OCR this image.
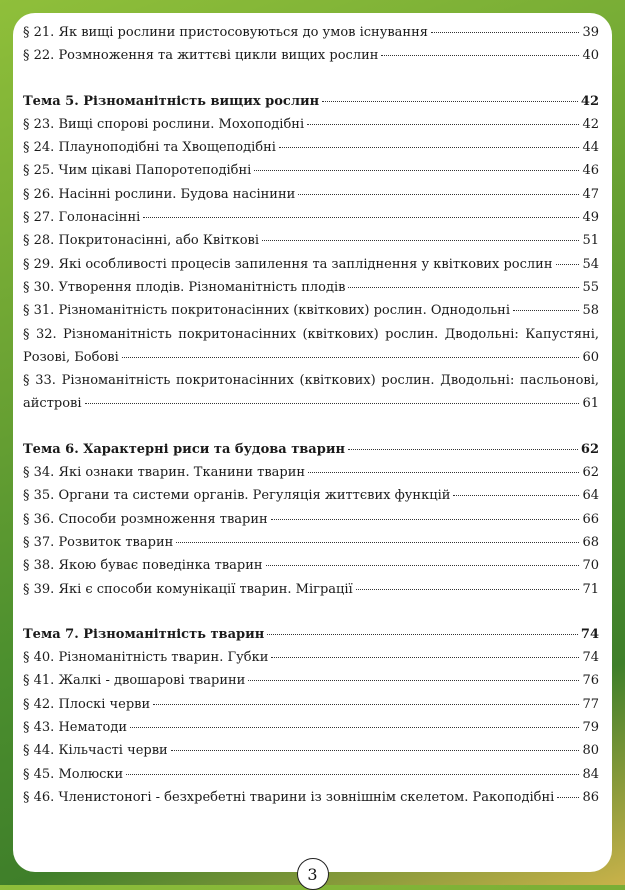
§ 21. Як вищі рослини пристосовуються до умов існування	39
§ 22. Розмноження та життєві цикли вищих рослин	40
Тема 5. Різноманітність вищих рослин	42
§ 23. Вищі спорові рослини. Мохоподібні	42
§ 24. Плауноподібні та Хвощеподібні	44
§ 25. Чим цікаві Папоротеподібні	46
§ 26. Насінні рослини. Будова насінини	47
§ 27. Голонасінні	49
§ 28. Покритонасінні, або Квіткові	51
§ 29. Які особливості процесів запилення та запліднення у квіткових рослин 54
§ 30. Утворення плодів. Різноманітність плодів	55
§ 31. Різноманітність покритонасінних (квіткових) рослин. Однодольні	58
§ 32. Різноманітність покритонасінних (квіткових) рослин. Дводольні: Капустяні,
Розові, Бобові	60
§ 33. Різноманітність покритонасінних (квіткових) рослин. Дводольні: пасльонові,
айстрові	61
Тема 6. Характерні риси та будова тварин	62
§ 34. Які ознаки тварин. Тканини тварин	62
§ 35. Органи та системи органів. Регуляція життєвих функцій	64
§ 36. Способи розмноження тварин	66
§ 37. Розвиток тварин	68
§ 38. Якою буває поведінка тварин	70
§ 39. Які є способи комунікації тварин. Міграції	71
Тема 7. Різноманітність тварин	74
§ 40. Різноманітність тварин. Губки	74
§ 41. Жалкі - двошарові тварини	76
§ 42. Плоскі черви	77
§ 43. Нематоди	79
§ 44. Кільчасті черви	80
§ 45. Молюски	84
§ 46. Членистоногі - безхребетні тварини із зовнішнім скелетом. Ракоподібні 86
3
